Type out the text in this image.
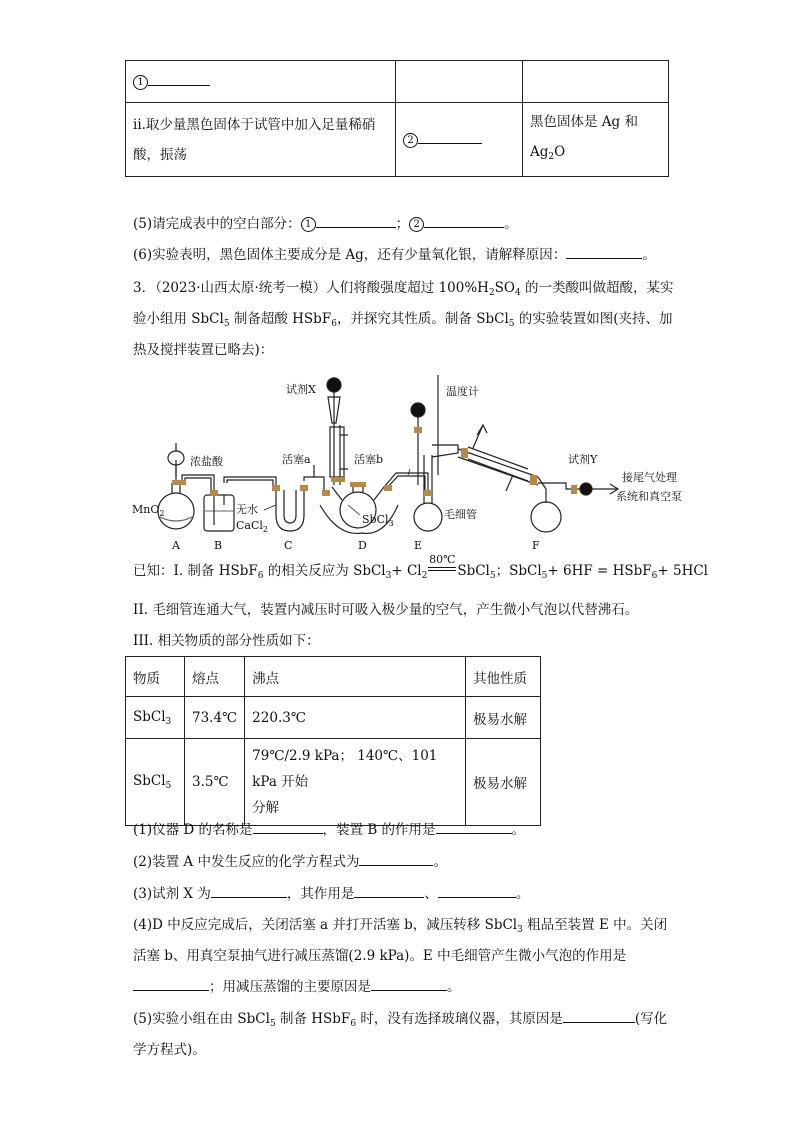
1		
ii.取少量黑色固体于试管中加入足量稀硝酸，振荡	2	黑色固体是 Ag 和
$Ag_2O$
(5)请完成表中的空白部分： 1	； 2	。
(6)实验表明，黑色固体主要成分是 Ag，还有少量氧化银，请解释原因：	。
3．（2023·山西太原·统考一模）人们将酸强度超过 $100\%H_2SO_4$ 的一类酸叫做超酸，某实
验小组用 SbCl$_5$ 制备超酸 HSbF$_6$，并探究其性质。制备 SbCl$_5$ 的实验装置如图(夹持、加
热及搅拌装置已略去)：
试剂X	温度计
浓盐酸	活塞a	活塞b	试剂Y
接尾气处理
系统和真空泵
MnO$_2$	无水
CaCl$_2$
SbCl$_3$
毛细管
A	B	C	D	E	F
已知：Ⅰ. 制备 HSbF$_6$ 的相关反应为 SbCl$_3$+ $Cl_2$
80℃
SbCl$_5$；SbCl$_5$+ 6HF = HSbF$_6$+ 5HCl
II. 毛细管连通大气，装置内减压时可吸入极少量的空气，产生微小气泡以代替沸石。
III. 相关物质的部分性质如下：
物质	熔点	沸点	其他性质
SbCl$_3$	73.4℃	220.3℃	极易水解
SbCl$_5$	3.5℃	79℃/2.9 kPa； 140℃、101 kPa 开始
分解	极易水解
(1)仪器 D 的名称是	，装置 B 的作用是	。
(2)装置 A 中发生反应的化学方程式为	。
(3)试剂 X 为	，其作用是	、	。
(4)D 中反应完成后，关闭活塞 a 并打开活塞 b，减压转移 SbCl$_3$ 粗品至装置 E 中。关闭
活塞 b、用真空泵抽气进行减压蒸馏(2.9 kPa)。E 中毛细管产生微小气泡的作用是
；用减压蒸馏的主要原因是	。
(5)实验小组在由 SbCl$_5$ 制备 HSbF$_6$ 时，没有选择玻璃仪器，其原因是	(写化
学方程式)。
